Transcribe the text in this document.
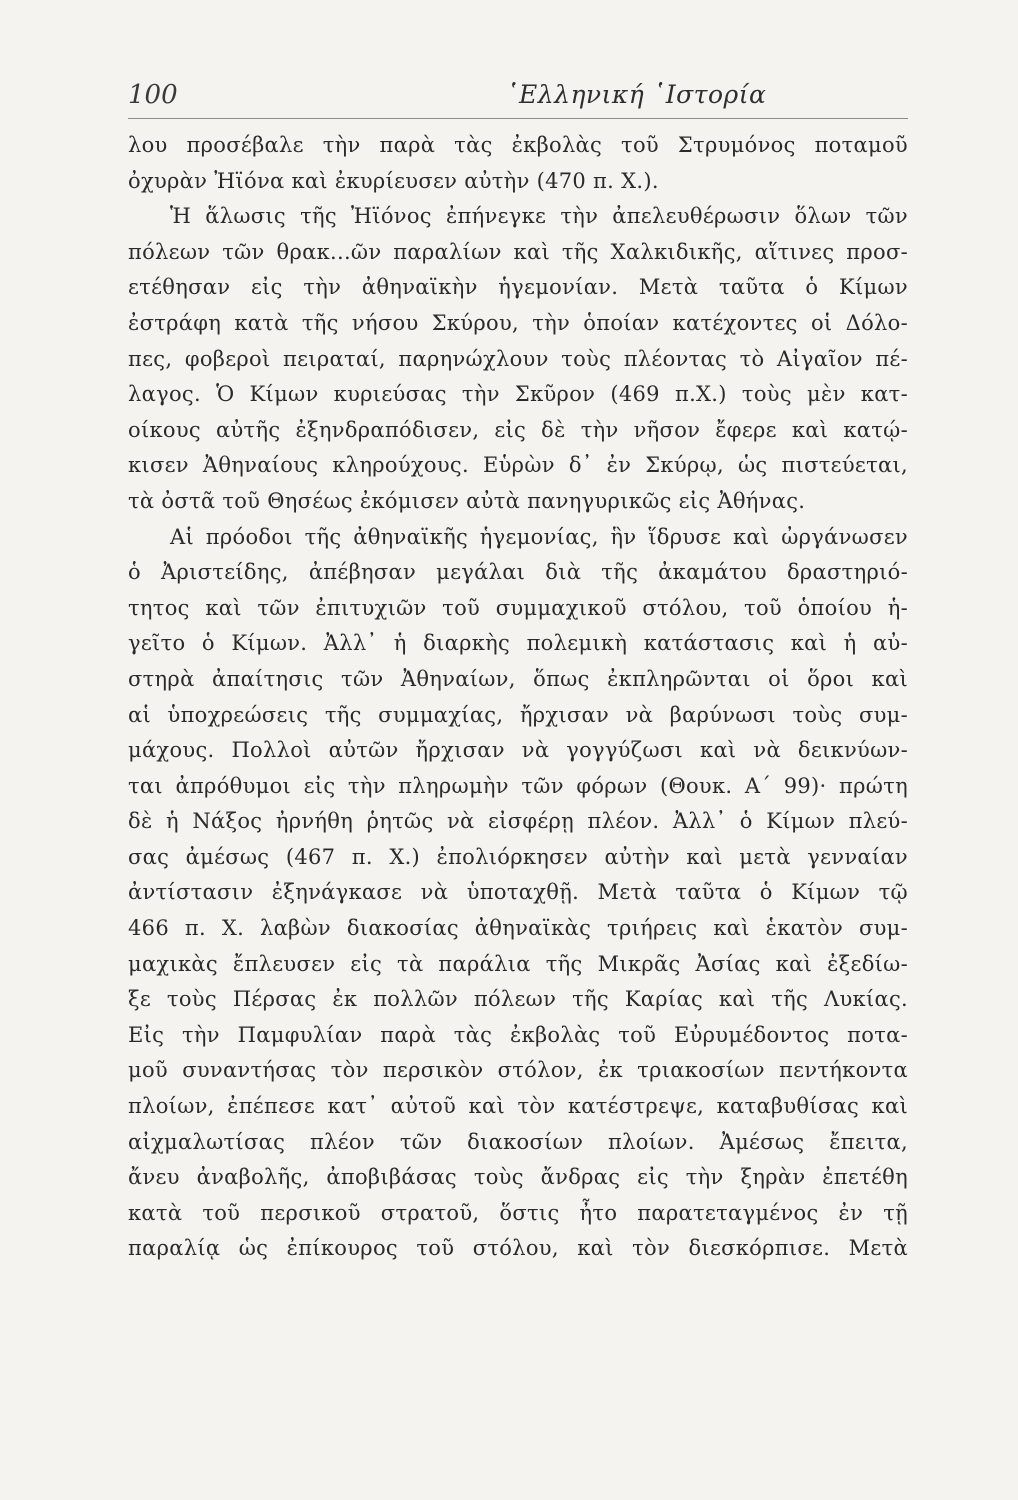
100	῾Ελληνική ῾Ιστορία
λου προσέβαλε τὴν παρὰ τὰς ἐκβολὰς τοῦ Στρυμόνος ποταμοῦ
ὀχυρὰν Ἠϊόνα καὶ ἐκυρίευσεν αὐτὴν (470 π. Χ.).
Ἡ ἅλωσις τῆς Ἠϊόνος ἐπήνεγκε τὴν ἀπελευθέρωσιν ὅλων τῶν
πόλεων τῶν θρακ...ῶν παραλίων καὶ τῆς Χαλκιδικῆς, αἵτινες προσ-
ετέθησαν εἰς τὴν ἀθηναϊκὴν ἡγεμονίαν. Μετὰ ταῦτα ὁ Κίμων
ἐστράφη κατὰ τῆς νήσου Σκύρου, τὴν ὁποίαν κατέχοντες οἱ Δόλο-
πες, φοβεροὶ πειραταί, παρηνώχλουν τοὺς πλέοντας τὸ Αἰγαῖον πέ-
λαγος. Ὁ Κίμων κυριεύσας τὴν Σκῦρον (469 π.Χ.) τοὺς μὲν κατ-
οίκους αὐτῆς ἐξηνδραπόδισεν, εἰς δὲ τὴν νῆσον ἔφερε καὶ κατῴ-
κισεν Ἀθηναίους κληρούχους. Εὑρὼν δ᾽ ἐν Σκύρῳ, ὡς πιστεύεται,
τὰ ὀστᾶ τοῦ Θησέως ἐκόμισεν αὐτὰ πανηγυρικῶς εἰς Ἀθήνας.
Αἱ πρόοδοι τῆς ἀθηναϊκῆς ἡγεμονίας, ἣν ἵδρυσε καὶ ὠργάνωσεν
ὁ Ἀριστείδης, ἀπέβησαν μεγάλαι διὰ τῆς ἀκαμάτου δραστηριό-
τητος καὶ τῶν ἐπιτυχιῶν τοῦ συμμαχικοῦ στόλου, τοῦ ὁποίου ἡ-
γεῖτο ὁ Κίμων. Ἀλλ᾽ ἡ διαρκὴς πολεμικὴ κατάστασις καὶ ἡ αὐ-
στηρὰ ἀπαίτησις τῶν Ἀθηναίων, ὅπως ἐκπληρῶνται οἱ ὅροι καὶ
αἱ ὑποχρεώσεις τῆς συμμαχίας, ἤρχισαν νὰ βαρύνωσι τοὺς συμ-
μάχους. Πολλοὶ αὐτῶν ἤρχισαν νὰ γογγύζωσι καὶ νὰ δεικνύων-
ται ἀπρόθυμοι εἰς τὴν πληρωμὴν τῶν φόρων (Θουκ. Α΄ 99)· πρώτη
δὲ ἡ Νάξος ἠρνήθη ῥητῶς νὰ εἰσφέρῃ πλέον. Ἀλλ᾽ ὁ Κίμων πλεύ-
σας ἀμέσως (467 π. Χ.) ἐπολιόρκησεν αὐτὴν καὶ μετὰ γενναίαν
ἀντίστασιν ἐξηνάγκασε νὰ ὑποταχθῇ. Μετὰ ταῦτα ὁ Κίμων τῷ
466 π. Χ. λαβὼν διακοσίας ἀθηναϊκὰς τριήρεις καὶ ἑκατὸν συμ-
μαχικὰς ἔπλευσεν εἰς τὰ παράλια τῆς Μικρᾶς Ἀσίας καὶ ἐξεδίω-
ξε τοὺς Πέρσας ἐκ πολλῶν πόλεων τῆς Καρίας καὶ τῆς Λυκίας.
Εἰς τὴν Παμφυλίαν παρὰ τὰς ἐκβολὰς τοῦ Εὐρυμέδοντος ποτα-
μοῦ συναντήσας τὸν περσικὸν στόλον, ἐκ τριακοσίων πεντήκοντα
πλοίων, ἐπέπεσε κατ᾽ αὐτοῦ καὶ τὸν κατέστρεψε, καταβυθίσας καὶ
αἰχμαλωτίσας πλέον τῶν διακοσίων πλοίων. Ἀμέσως ἔπειτα,
ἄνευ ἀναβολῆς, ἀποβιβάσας τοὺς ἄνδρας εἰς τὴν ξηρὰν ἐπετέθη
κατὰ τοῦ περσικοῦ στρατοῦ, ὅστις ἦτο παρατεταγμένος ἐν τῇ
παραλίᾳ ὡς ἐπίκουρος τοῦ στόλου, καὶ τὸν διεσκόρπισε. Μετὰ
